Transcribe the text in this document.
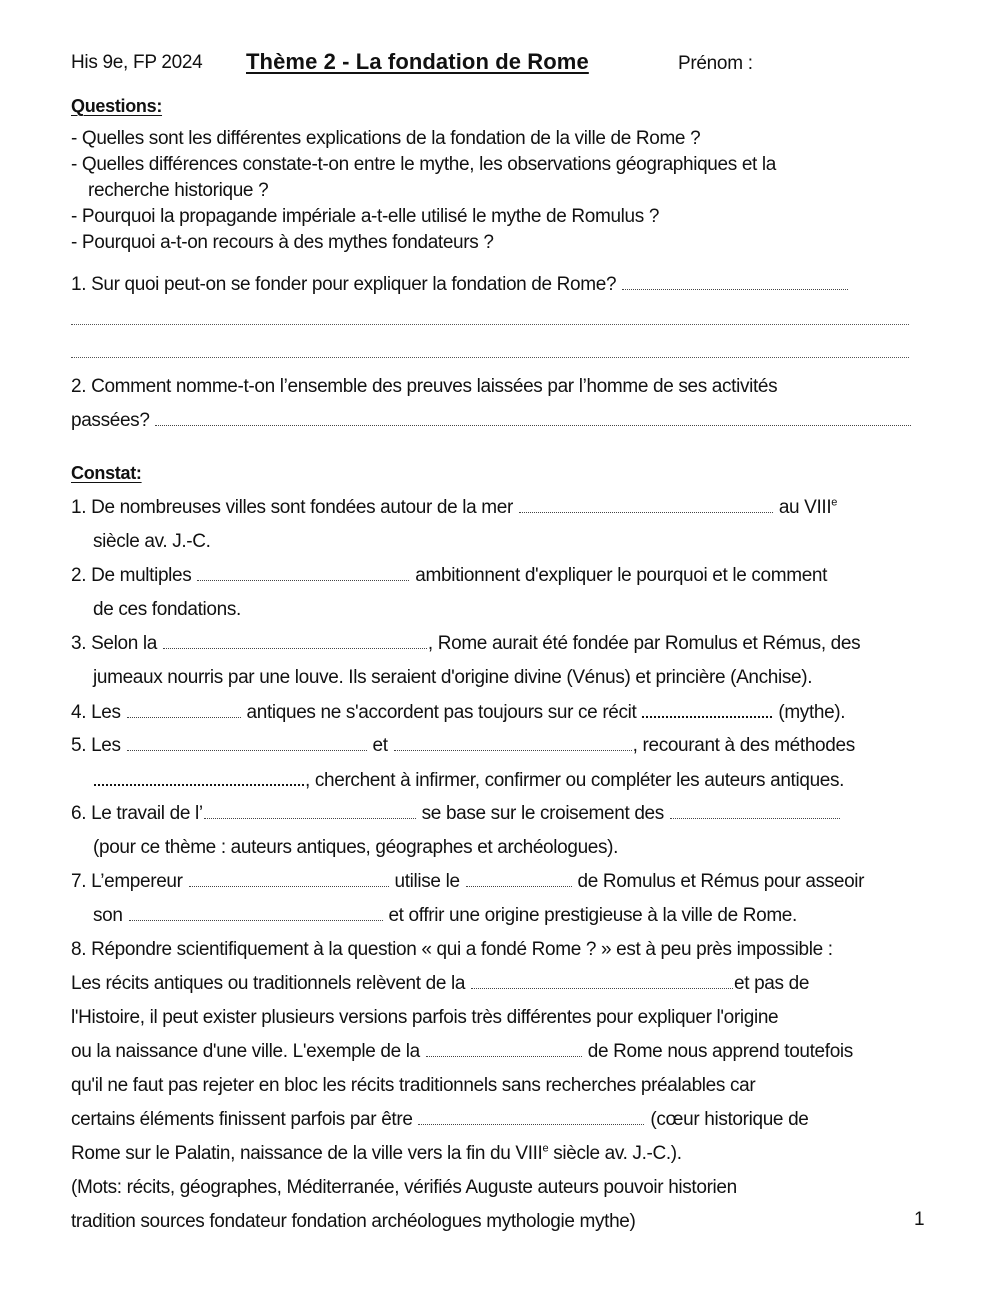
His 9e, FP 2024 Thème 2 - La fondation de Rome	Prénom :
Questions:
- Quelles sont les différentes explications de la fondation de la ville de Rome ?
- Quelles différences constate-t-on entre le mythe, les observations géographiques et la
recherche historique ?
- Pourquoi la propagande impériale a-t-elle utilisé le mythe de Romulus ?
- Pourquoi a-t-on recours à des mythes fondateurs ?
1. Sur quoi peut-on se fonder pour expliquer la fondation de Rome?
2. Comment nomme-t-on l’ensemble des preuves laissées par l’homme de ses activités
passées?
Constat:
1. De nombreuses villes sont fondées autour de la mer	au VIIIe
siècle av. J.-C.
2. De multiples	ambitionnent d'expliquer le pourquoi et le comment
de ces fondations.
3. Selon la	, Rome aurait été fondée par Romulus et Rémus, des
jumeaux nourris par une louve. Ils seraient d'origine divine (Vénus) et princière (Anchise).
4. Les	antiques ne s'accordent pas toujours sur ce récit	(mythe).
5. Les	et	, recourant à des méthodes
, cherchent à infirmer, confirmer ou compléter les auteurs antiques.
6. Le travail de l’	se base sur le croisement des
(pour ce thème : auteurs antiques, géographes et archéologues).
7. L’empereur	utilise le	de Romulus et Rémus pour asseoir
son	et offrir une origine prestigieuse à la ville de Rome.
8. Répondre scientifiquement à la question « qui a fondé Rome ? » est à peu près impossible :
Les récits antiques ou traditionnels relèvent de la	et pas de
l'Histoire, il peut exister plusieurs versions parfois très différentes pour expliquer l'origine
ou la naissance d'une ville. L'exemple de la	de Rome nous apprend toutefois
qu'il ne faut pas rejeter en bloc les récits traditionnels sans recherches préalables car
certains éléments finissent parfois par être	(cœur historique de
Rome sur le Palatin, naissance de la ville vers la fin du VIIIe siècle av. J.-C.).
(Mots: récits, géographes, Méditerranée, vérifiés Auguste auteurs pouvoir historien
tradition sources fondateur fondation archéologues mythologie mythe)	1
